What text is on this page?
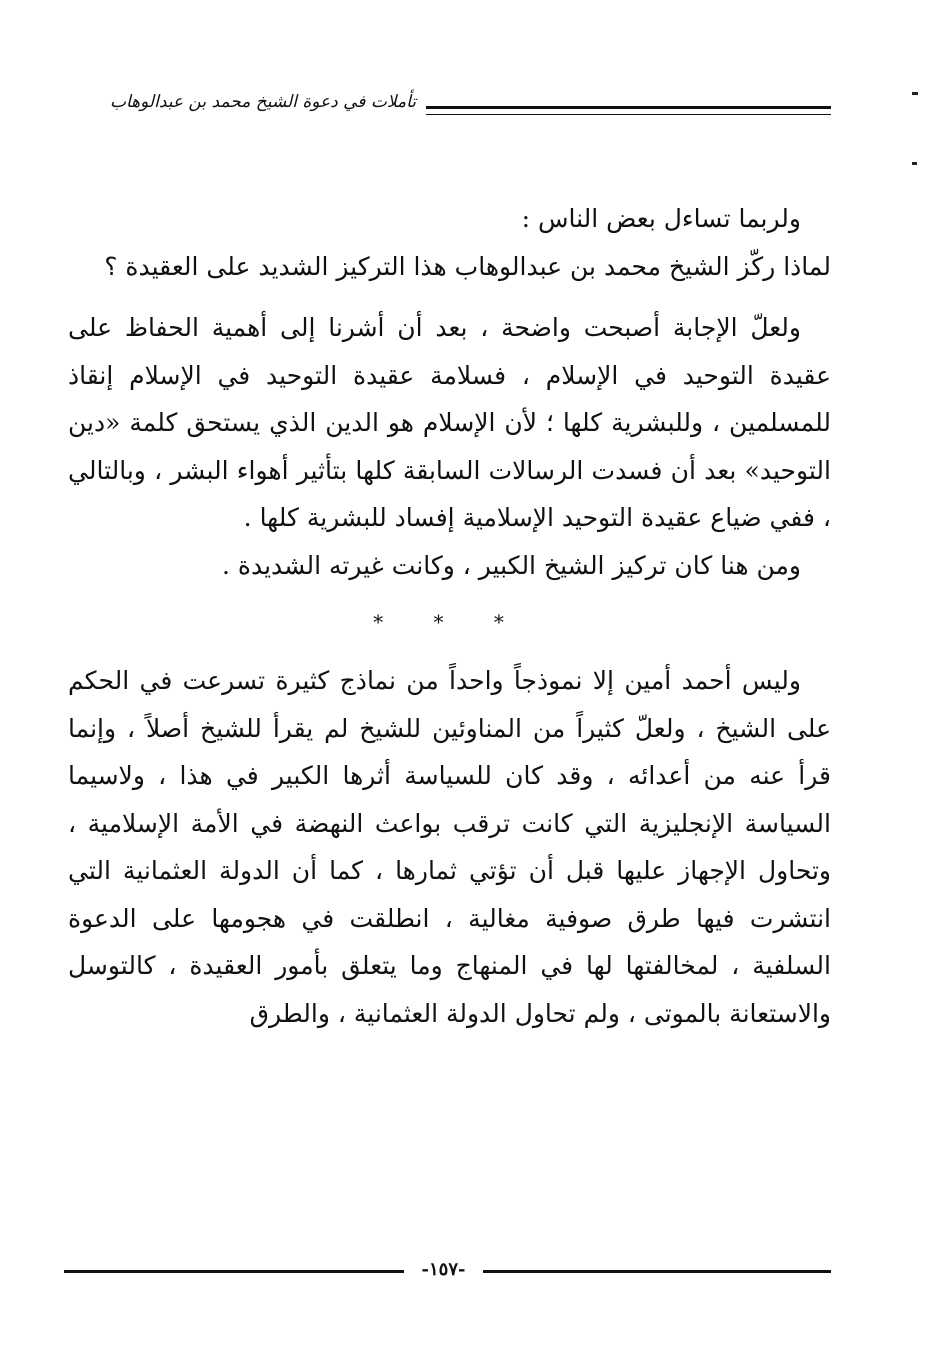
تأملات في دعوة الشيخ محمد بن عبدالوهاب

ولربما تساءل بعض الناس :

لماذا ركّز الشيخ محمد بن عبدالوهاب هذا التركيز الشديد على العقيدة ؟

ولعلّ الإجابة أصبحت واضحة ، بعد أن أشرنا إلى أهمية الحفاظ على عقيدة التوحيد في الإسلام ، فسلامة عقيدة التوحيد في الإسلام إنقاذ للمسلمين ، وللبشرية كلها ؛ لأن الإسلام هو الدين الذي يستحق كلمة «دين التوحيد» بعد أن فسدت الرسالات السابقة كلها بتأثير أهواء البشر ، وبالتالي ، ففي ضياع عقيدة التوحيد الإسلامية إفساد للبشرية كلها .

ومن هنا كان تركيز الشيخ الكبير ، وكانت غيرته الشديدة .

* * *

وليس أحمد أمين إلا نموذجاً واحداً من نماذج كثيرة تسرعت في الحكم على الشيخ ، ولعلّ كثيراً من المناوئين للشيخ لم يقرأ للشيخ أصلاً ، وإنما قرأ عنه من أعدائه ، وقد كان للسياسة أثرها الكبير في هذا ، ولاسيما السياسة الإنجليزية التي كانت ترقب بواعث النهضة في الأمة الإسلامية ، وتحاول الإجهاز عليها قبل أن تؤتي ثمارها ، كما أن الدولة العثمانية التي انتشرت فيها طرق صوفية مغالية ، انطلقت في هجومها على الدعوة السلفية ، لمخالفتها لها في المنهاج وما يتعلق بأمور العقيدة ، كالتوسل والاستعانة بالموتى ، ولم تحاول الدولة العثمانية ، والطرق

-١٥٧-
